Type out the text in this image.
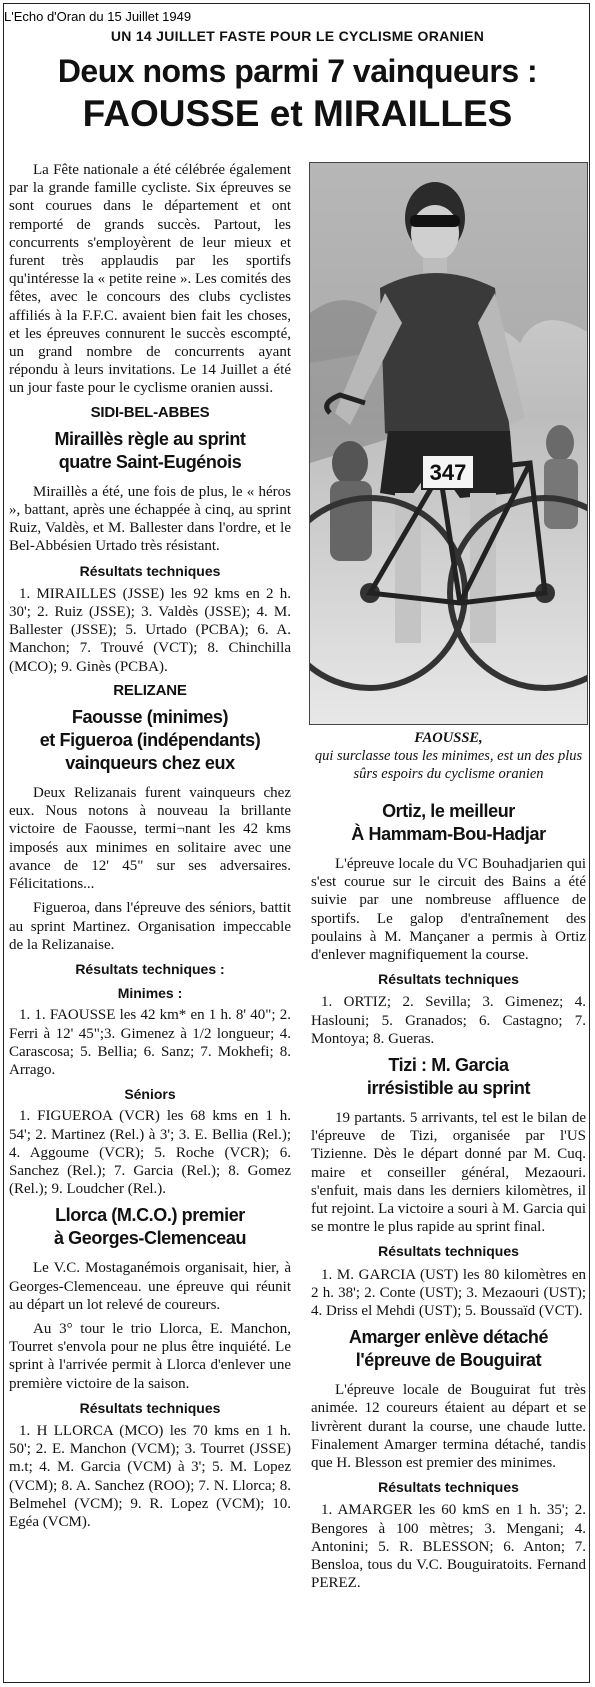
L'Echo d'Oran du 15 Juillet 1949
UN 14 JUILLET FASTE POUR LE CYCLISME ORANIEN
Deux noms parmi 7 vainqueurs :
FAOUSSE et MIRAILLES

La Fête nationale a été célébrée également par la grande famille cycliste. Six épreuves se sont courues dans le département et ont remporté de grands succès. Partout, les concurrents s'employèrent de leur mieux et furent très applaudis par les sportifs qu'intéresse la « petite reine ». Les comités des fêtes, avec le concours des clubs cyclistes affiliés à la F.F.C. avaient bien fait les choses, et les épreuves connurent le succès escompté, un grand nombre de concurrents ayant répondu à leurs invitations. Le 14 Juillet a été un jour faste pour le cyclisme oranien aussi.

SIDI-BEL-ABBES
Miraillès règle au sprint
quatre Saint-Eugénois

Miraillès a été, une fois de plus, le « héros », battant, après une échappée à cinq, au sprint Ruiz, Valdès, et M. Ballester dans l'ordre, et le Bel-Abbésien Urtado très résistant.

Résultats techniques

1. MIRAILLES (JSSE) les 92 kms en 2 h. 30'; 2. Ruiz (JSSE); 3. Valdès (JSSE); 4. M. Ballester (JSSE); 5. Urtado (PCBA); 6. A. Manchon; 7. Trouvé (VCT); 8. Chinchilla (MCO); 9. Ginès (PCBA).

RELIZANE
Faousse (minimes)
et Figueroa (indépendants)
vainqueurs chez eux

Deux Relizanais furent vainqueurs chez eux. Nous notons à nouveau la brillante victoire de Faousse, termi¬nant les 42 kms imposés aux minimes en solitaire avec une avance de 12' 45" sur ses adversaires. Félicitations...

Figueroa, dans l'épreuve des séniors, battit au sprint Martinez. Organisation impeccable de la Relizanaise.

Résultats techniques :
Minimes :

1. 1. FAOUSSE les 42 km* en 1 h. 8' 40"; 2. Ferri à 12' 45";3. Gimenez à 1/2 longueur; 4. Carascosa; 5. Bellia; 6. Sanz; 7. Mokhefi; 8. Arrago.

Séniors

1. FIGUEROA (VCR) les 68 kms en 1 h. 54'; 2. Martinez (Rel.) à 3'; 3. E. Bellia (Rel.); 4. Aggoume (VCR); 5. Roche (VCR); 6. Sanchez (Rel.); 7. Garcia (Rel.); 8. Gomez (Rel.); 9. Loudcher (Rel.).

Llorca (M.C.O.) premier
à Georges-Clemenceau

Le V.C. Mostaganémois organisait, hier, à Georges-Clemenceau. une épreuve qui réunit au départ un lot relevé de coureurs.

Au 3° tour le trio Llorca, E. Manchon, Tourret s'envola pour ne plus être inquiété. Le sprint à l'arrivée permit à Llorca d'enlever une première victoire de la saison.

Résultats techniques

1. H LLORCA (MCO) les 70 kms en 1 h. 50'; 2. E. Manchon (VCM); 3. Tourret (JSSE) m.t; 4. M. Garcia (VCM) à 3'; 5. M. Lopez (VCM); 8. A. Sanchez (ROO); 7. N. Llorca; 8. Belmehel (VCM); 9. R. Lopez (VCM); 10. Egéa (VCM).

347
FAOUSSE,
qui surclasse tous les minimes, est un des plus sûrs espoirs du cyclisme oranien
Ortiz, le meilleur
À Hammam-Bou-Hadjar

L'épreuve locale du VC Bouhadjarien qui s'est courue sur le circuit des Bains a été suivie par une nombreuse affluence de sportifs. Le galop d'entraînement des poulains à M. Mançaner a permis à Ortiz d'enlever magnifiquement la course.

Résultats techniques

1. ORTIZ; 2. Sevilla; 3. Gimenez; 4. Haslouni; 5. Granados; 6. Castagno; 7. Montoya; 8. Gueras.

Tizi : M. Garcia
irrésistible au sprint

19 partants. 5 arrivants, tel est le bilan de l'épreuve de Tizi, organisée par l'US Tizienne. Dès le départ donné par M. Cuq. maire et conseiller général, Mezaouri. s'enfuit, mais dans les derniers kilomètres, il fut rejoint. La victoire a souri à M. Garcia qui se montre le plus rapide au sprint final.

Résultats techniques

1. M. GARCIA (UST) les 80 kilomètres en 2 h. 38'; 2. Conte (UST); 3. Mezaouri (UST); 4. Driss el Mehdi (UST); 5. Boussaïd (VCT).

Amarger enlève détaché
l'épreuve de Bouguirat

L'épreuve locale de Bouguirat fut très animée. 12 coureurs étaient au départ et se livrèrent durant la course, une chaude lutte. Finalement Amarger termina détaché, tandis que H. Blesson est premier des minimes.

Résultats techniques

1. AMARGER les 60 kmS en 1 h. 35'; 2. Bengores à 100 mètres; 3. Mengani; 4. Antonini; 5. R. BLESSON; 6. Anton; 7. Bensloa, tous du V.C. Bouguiratoits. Fernand PEREZ.
